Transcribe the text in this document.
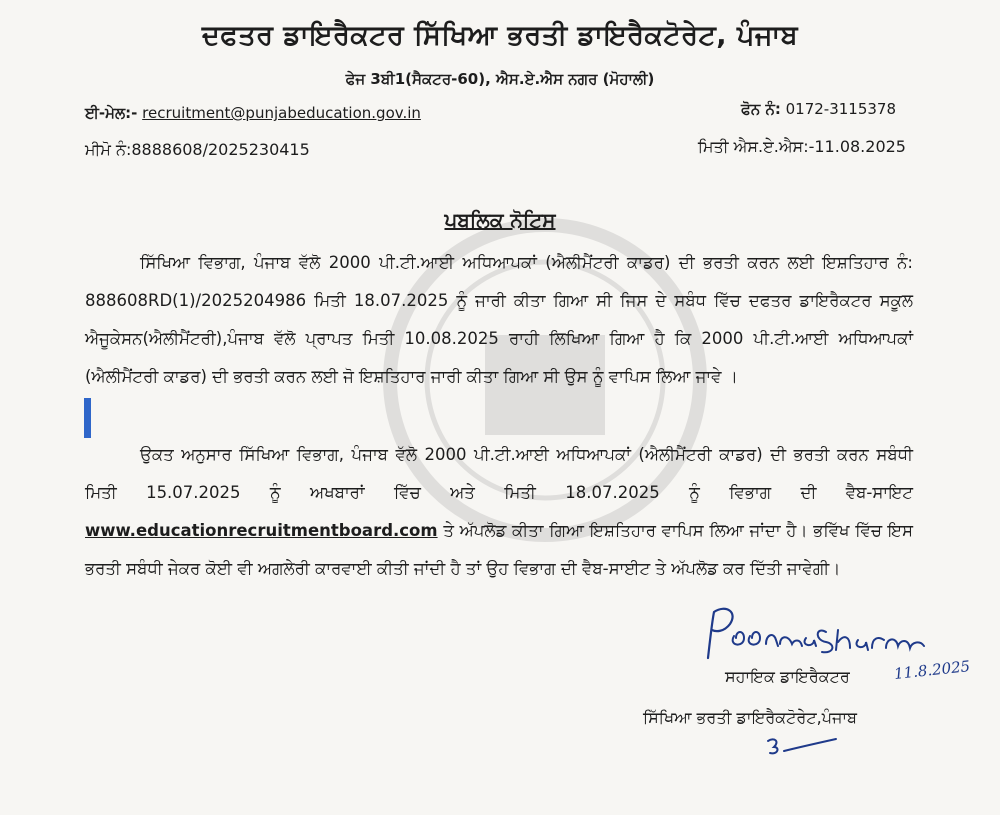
ਦਫਤਰ ਡਾਇਰੈਕਟਰ ਸਿੱਖਿਆ ਭਰਤੀ ਡਾਇਰੈਕਟੋਰੇਟ, ਪੰਜਾਬ
ਫੇਜ 3ਬੀ1(ਸੈਕਟਰ-60), ਐਸ.ਏ.ਐਸ ਨਗਰ (ਮੋਹਾਲੀ)
ਈ-ਮੇਲ:- recruitment@punjabeducation.gov.in	ਫੋਨ ਨੰ: 0172-3115378
ਮੀਮੋ ਨੰ:8888608/2025230415	ਮਿਤੀ ਐਸ.ਏ.ਐਸ:-11.08.2025
ਪਬਲਿਕ ਨੋਟਿਸ
ਸਿੱਖਿਆ ਵਿਭਾਗ, ਪੰਜਾਬ ਵੱਲੋ 2000 ਪੀ.ਟੀ.ਆਈ ਅਧਿਆਪਕਾਂ (ਐਲੀਮੈਂਟਰੀ ਕਾਡਰ) ਦੀ ਭਰਤੀ ਕਰਨ ਲਈ ਇਸ਼ਤਿਹਾਰ ਨੰ: 888608RD(1)/2025204986 ਮਿਤੀ 18.07.2025 ਨੂੰ ਜਾਰੀ ਕੀਤਾ ਗਿਆ ਸੀ ਜਿਸ ਦੇ ਸਬੰਧ ਵਿੱਚ ਦਫਤਰ ਡਾਇਰੈਕਟਰ ਸਕੂਲ ਐਜੂਕੇਸਨ(ਐਲੀਮੈਂਟਰੀ),ਪੰਜਾਬ ਵੱਲੋ ਪ੍ਰਾਪਤ ਮਿਤੀ 10.08.2025 ਰਾਹੀ ਲਿਖਿਆ ਗਿਆ ਹੈ ਕਿ 2000 ਪੀ.ਟੀ.ਆਈ ਅਧਿਆਪਕਾਂ (ਐਲੀਮੈਂਟਰੀ ਕਾਡਰ) ਦੀ ਭਰਤੀ ਕਰਨ ਲਈ ਜੋ ਇਸ਼ਤਿਹਾਰ ਜਾਰੀ ਕੀਤਾ ਗਿਆ ਸੀ ਉਸ ਨੂੰ ਵਾਪਿਸ ਲਿਆ ਜਾਵੇ ।
ਉਕਤ ਅਨੁਸਾਰ ਸਿੱਖਿਆ ਵਿਭਾਗ, ਪੰਜਾਬ ਵੱਲੋ 2000 ਪੀ.ਟੀ.ਆਈ ਅਧਿਆਪਕਾਂ (ਐਲੀਮੈਂਟਰੀ ਕਾਡਰ) ਦੀ ਭਰਤੀ ਕਰਨ ਸਬੰਧੀ ਮਿਤੀ 15.07.2025 ਨੂੰ ਅਖਬਾਰਾਂ ਵਿੱਚ ਅਤੇ ਮਿਤੀ 18.07.2025 ਨੂੰ ਵਿਭਾਗ ਦੀ ਵੈਬ-ਸਾਇਟ www.educationrecruitmentboard.com ਤੇ ਅੱਪਲੋਡ ਕੀਤਾ ਗਿਆ ਇਸ਼ਤਿਹਾਰ ਵਾਪਿਸ ਲਿਆ ਜਾਂਦਾ ਹੈ। ਭਵਿੱਖ ਵਿੱਚ ਇਸ ਭਰਤੀ ਸਬੰਧੀ ਜੇਕਰ ਕੋਈ ਵੀ ਅਗਲੇਰੀ ਕਾਰਵਾਈ ਕੀਤੀ ਜਾਂਦੀ ਹੈ ਤਾਂ ਉਹ ਵਿਭਾਗ ਦੀ ਵੈਬ-ਸਾਈਟ ਤੇ ਅੱਪਲੋਡ ਕਰ ਦਿੱਤੀ ਜਾਵੇਗੀ।
11.8.2025
ਸਹਾਇਕ ਡਾਇਰੈਕਟਰ
ਸਿੱਖਿਆ ਭਰਤੀ ਡਾਇਰੈਕਟੋਰੇਟ,ਪੰਜਾਬ
